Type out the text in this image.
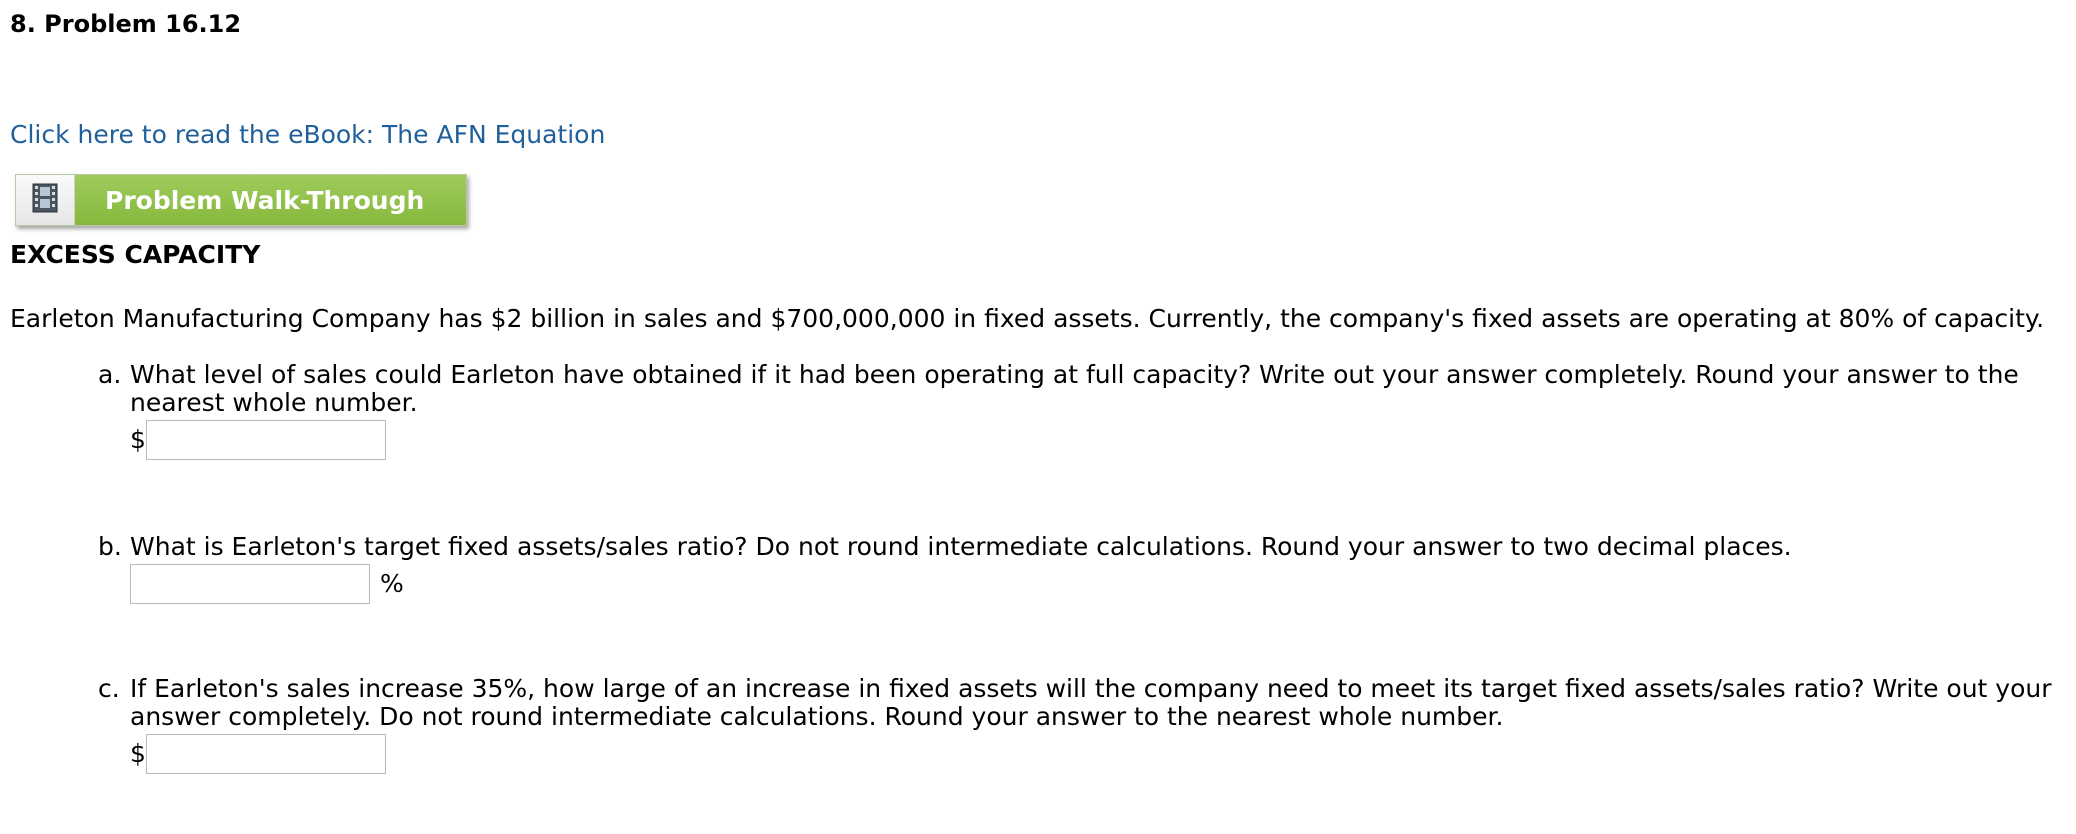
8. Problem 16.12
Click here to read the eBook: The AFN Equation
Problem Walk-Through
EXCESS CAPACITY

Earleton Manufacturing Company has $2 billion in sales and $700,000,000 in fixed assets. Currently, the company's fixed assets are operating at 80% of capacity.

a. What level of sales could Earleton have obtained if it had been operating at full capacity? Write out your answer completely. Round your answer to the nearest whole number.
$
b. What is Earleton's target fixed assets/sales ratio? Do not round intermediate calculations. Round your answer to two decimal places.
%
c. If Earleton's sales increase 35%, how large of an increase in fixed assets will the company need to meet its target fixed assets/sales ratio? Write out your answer completely. Do not round intermediate calculations. Round your answer to the nearest whole number.
$
